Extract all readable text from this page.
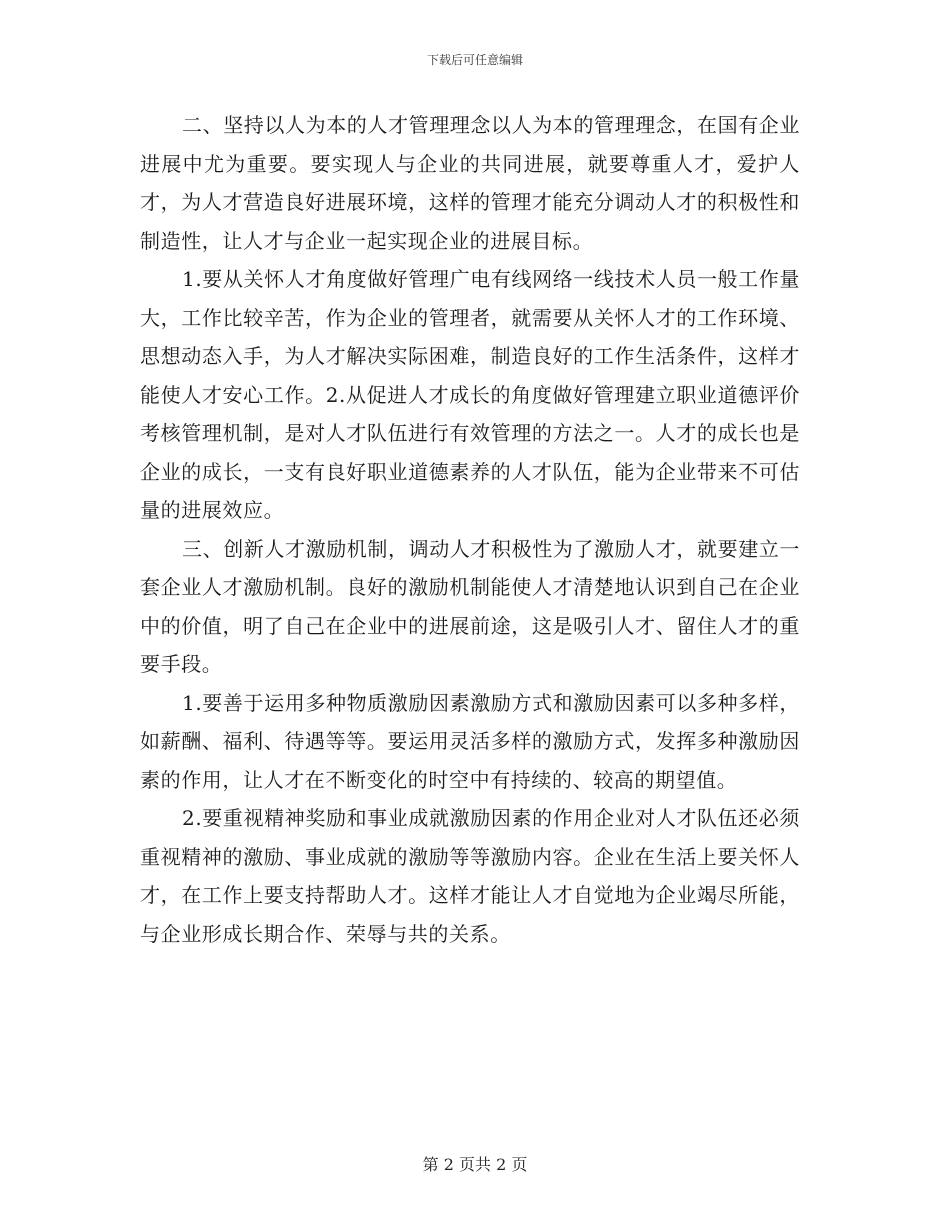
下载后可任意编辑

二、坚持以人为本的人才管理理念以人为本的管理理念，在国有企业进展中尤为重要。要实现人与企业的共同进展，就要尊重人才，爱护人才，为人才营造良好进展环境，这样的管理才能充分调动人才的积极性和制造性，让人才与企业一起实现企业的进展目标。

1.要从关怀人才角度做好管理广电有线网络一线技术人员一般工作量大，工作比较辛苦，作为企业的管理者，就需要从关怀人才的工作环境、思想动态入手，为人才解决实际困难，制造良好的工作生活条件，这样才能使人才安心工作。2.从促进人才成长的角度做好管理建立职业道德评价考核管理机制，是对人才队伍进行有效管理的方法之一。人才的成长也是企业的成长，一支有良好职业道德素养的人才队伍，能为企业带来不可估量的进展效应。

三、创新人才激励机制，调动人才积极性为了激励人才，就要建立一套企业人才激励机制。良好的激励机制能使人才清楚地认识到自己在企业中的价值，明了自己在企业中的进展前途，这是吸引人才、留住人才的重要手段。

1.要善于运用多种物质激励因素激励方式和激励因素可以多种多样，如薪酬、福利、待遇等等。要运用灵活多样的激励方式，发挥多种激励因素的作用，让人才在不断变化的时空中有持续的、较高的期望值。

2.要重视精神奖励和事业成就激励因素的作用企业对人才队伍还必须重视精神的激励、事业成就的激励等等激励内容。企业在生活上要关怀人才，在工作上要支持帮助人才。这样才能让人才自觉地为企业竭尽所能，与企业形成长期合作、荣辱与共的关系。

第 2 页共 2 页
